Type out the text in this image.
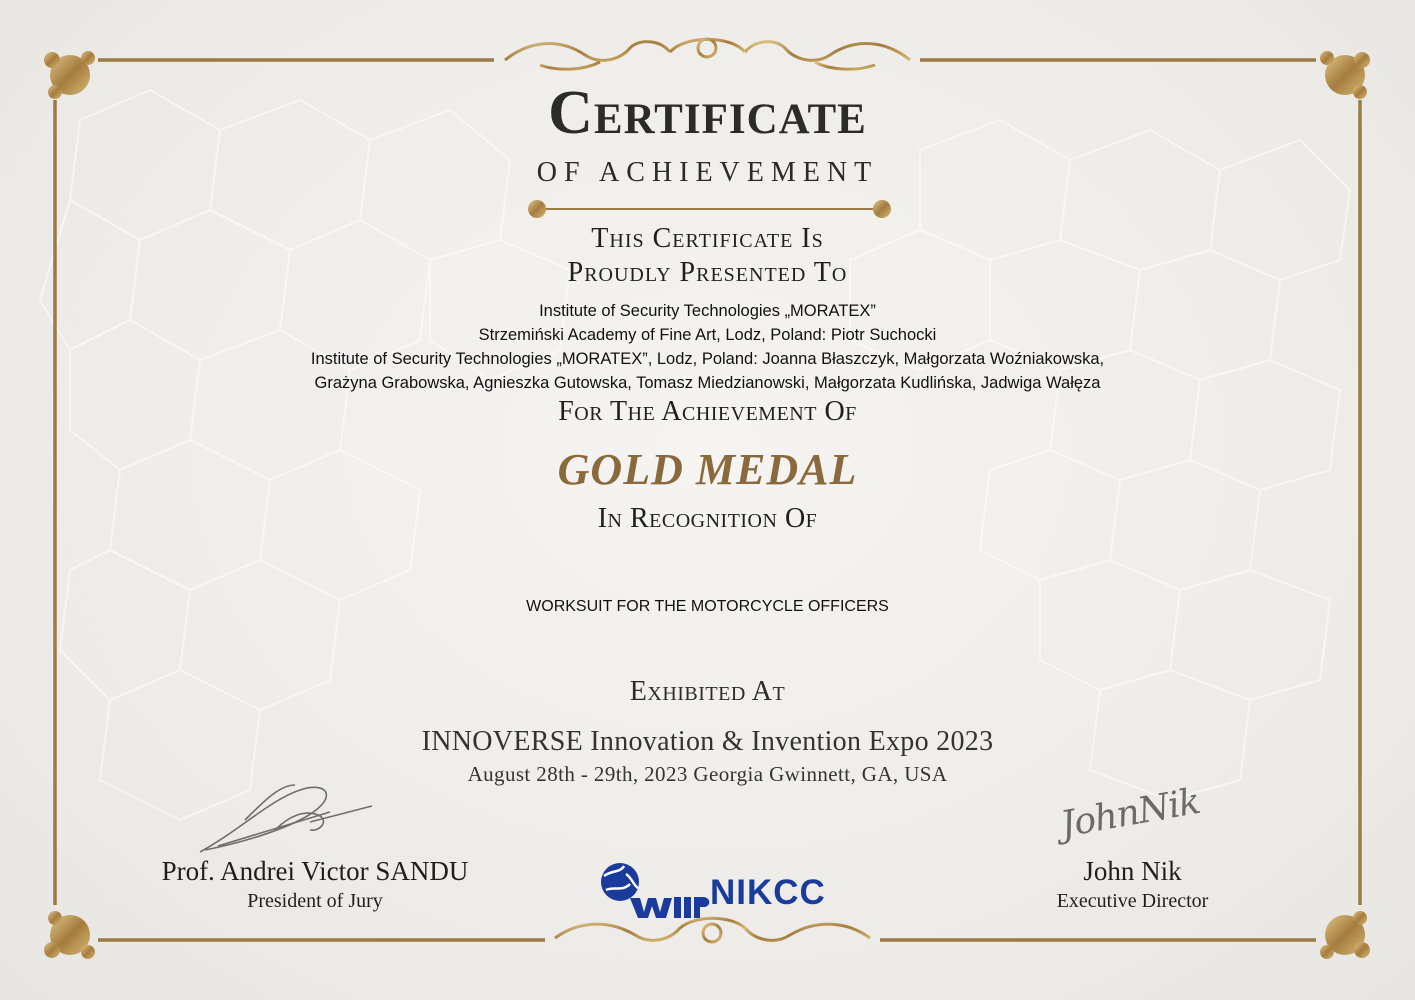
Certificate
OF ACHIEVEMENT
This Certificate Is
Proudly Presented To
Institute of Security Technologies „MORATEX”
Strzemiński Academy of Fine Art, Lodz, Poland: Piotr Suchocki
Institute of Security Technologies „MORATEX”, Lodz, Poland: Joanna Błaszczyk, Małgorzata Woźniakowska,
Grażyna Grabowska, Agnieszka Gutowska, Tomasz Miedzianowski, Małgorzata Kudlińska, Jadwiga Wałęza
For The Achievement Of
GOLD MEDAL
In Recognition Of
WORKSUIT FOR THE MOTORCYCLE OFFICERS
Exhibited At
INNOVERSE Innovation & Invention Expo 2023
August 28th - 29th, 2023 Georgia Gwinnett, GA, USA
Prof. Andrei Victor SANDU
President of Jury
JohnNik
John Nik
Executive Director
NIKCC
